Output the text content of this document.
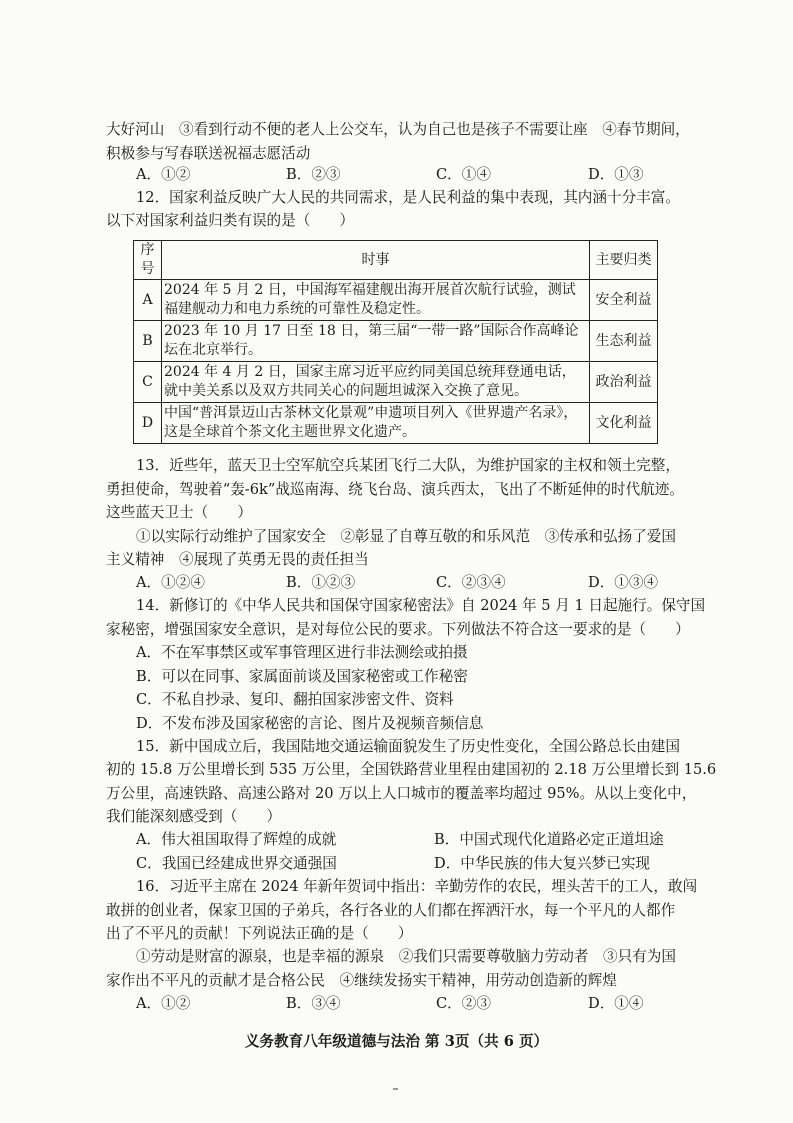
大好河山　③看到行动不便的老人上公交车，认为自己也是孩子不需要让座　④春节期间，
积极参与写春联送祝福志愿活动
A．①②	B．②③	C．①④	D．①③
12．国家利益反映广大人民的共同需求，是人民利益的集中表现，其内涵十分丰富。
以下对国家利益归类有误的是（　　）
序号	时事	主要归类
A	2024 年 5 月 2 日，中国海军福建舰出海开展首次航行试验，测试福建舰动力和电力系统的可靠性及稳定性。	安全利益
B	2023 年 10 月 17 日至 18 日，第三届“一带一路”国际合作高峰论坛在北京举行。	生态利益
C	2024 年 4 月 2 日，国家主席习近平应约同美国总统拜登通电话，就中美关系以及双方共同关心的问题坦诚深入交换了意见。	政治利益
D	中国“普洱景迈山古茶林文化景观”申遗项目列入《世界遗产名录》，这是全球首个茶文化主题世界文化遗产。	文化利益
13．近些年，蓝天卫士空军航空兵某团飞行二大队，为维护国家的主权和领土完整，
勇担使命，驾驶着“轰-6k”战巡南海、绕飞台岛、演兵西太，飞出了不断延伸的时代航迹。
这些蓝天卫士（　　）
①以实际行动维护了国家安全　②彰显了自尊互敬的和乐风范　③传承和弘扬了爱国
主义精神　④展现了英勇无畏的责任担当
A．①②④	B．①②③	C．②③④	D．①③④
14．新修订的《中华人民共和国保守国家秘密法》自 2024 年 5 月 1 日起施行。保守国
家秘密，增强国家安全意识，是对每位公民的要求。下列做法不符合这一要求的是（　　）
A．不在军事禁区或军事管理区进行非法测绘或拍摄
B．可以在同事、家属面前谈及国家秘密或工作秘密
C．不私自抄录、复印、翻拍国家涉密文件、资料
D．不发布涉及国家秘密的言论、图片及视频音频信息
15．新中国成立后，我国陆地交通运输面貌发生了历史性变化，全国公路总长由建国
初的 15.8 万公里增长到 535 万公里，全国铁路营业里程由建国初的 2.18 万公里增长到 15.6
万公里，高速铁路、高速公路对 20 万以上人口城市的覆盖率均超过 95%。从以上变化中，
我们能深刻感受到（　　）
A．伟大祖国取得了辉煌的成就	B．中国式现代化道路必定正道坦途
C．我国已经建成世界交通强国	D．中华民族的伟大复兴梦已实现
16．习近平主席在 2024 年新年贺词中指出：辛勤劳作的农民，埋头苦干的工人，敢闯
敢拼的创业者，保家卫国的子弟兵，各行各业的人们都在挥洒汗水，每一个平凡的人都作
出了不平凡的贡献！下列说法正确的是（　　）
①劳动是财富的源泉，也是幸福的源泉　②我们只需要尊敬脑力劳动者　③只有为国
家作出不平凡的贡献才是合格公民　④继续发扬实干精神，用劳动创造新的辉煌
A．①②	B．③④	C．②③	D．①④
义务教育八年级道德与法治 第 3页（共 6 页）
